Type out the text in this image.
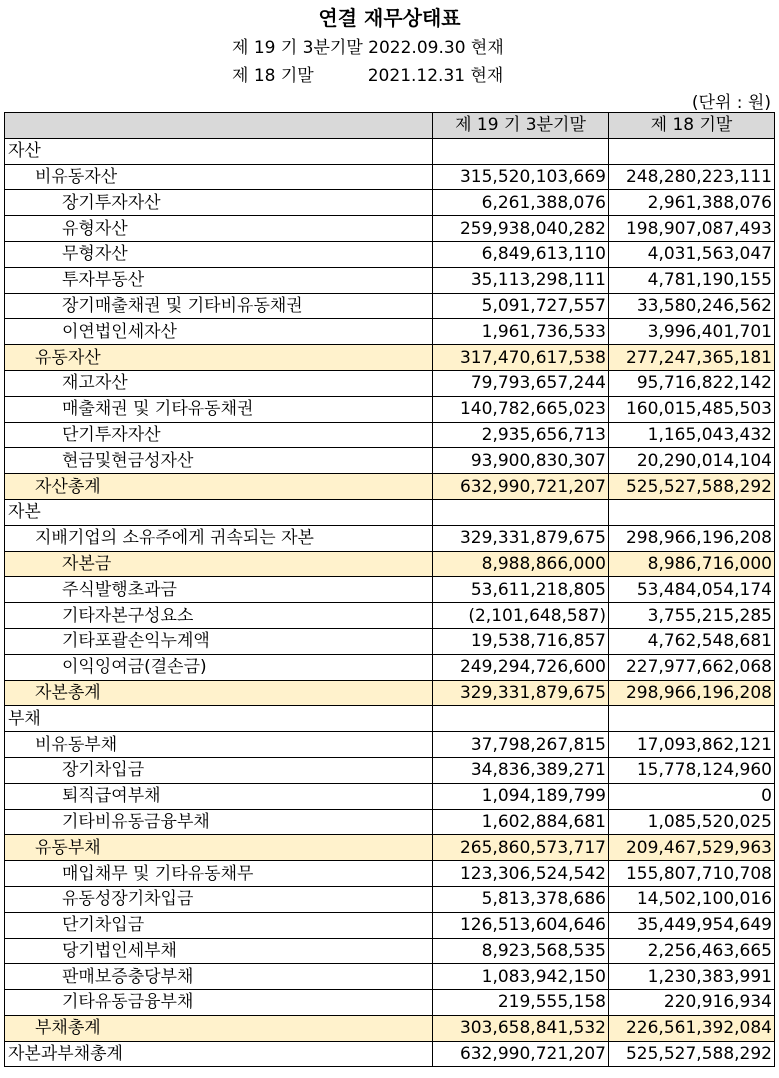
연결 재무상태표
제 19 기 3분기말 2022.09.30 현재
제 18 기말          2021.12.31 현재
(단위 : 원)
	제 19 기 3분기말	제 18 기말
자산		
비유동자산	315,520,103,669	248,280,223,111
장기투자자산	6,261,388,076	2,961,388,076
유형자산	259,938,040,282	198,907,087,493
무형자산	6,849,613,110	4,031,563,047
투자부동산	35,113,298,111	4,781,190,155
장기매출채권 및 기타비유동채권	5,091,727,557	33,580,246,562
이연법인세자산	1,961,736,533	3,996,401,701
유동자산	317,470,617,538	277,247,365,181
재고자산	79,793,657,244	95,716,822,142
매출채권 및 기타유동채권	140,782,665,023	160,015,485,503
단기투자자산	2,935,656,713	1,165,043,432
현금및현금성자산	93,900,830,307	20,290,014,104
자산총계	632,990,721,207	525,527,588,292
자본		
지배기업의 소유주에게 귀속되는 자본	329,331,879,675	298,966,196,208
자본금	8,988,866,000	8,986,716,000
주식발행초과금	53,611,218,805	53,484,054,174
기타자본구성요소	(2,101,648,587)	3,755,215,285
기타포괄손익누계액	19,538,716,857	4,762,548,681
이익잉여금(결손금)	249,294,726,600	227,977,662,068
자본총계	329,331,879,675	298,966,196,208
부채		
비유동부채	37,798,267,815	17,093,862,121
장기차입금	34,836,389,271	15,778,124,960
퇴직급여부채	1,094,189,799	0
기타비유동금융부채	1,602,884,681	1,085,520,025
유동부채	265,860,573,717	209,467,529,963
매입채무 및 기타유동채무	123,306,524,542	155,807,710,708
유동성장기차입금	5,813,378,686	14,502,100,016
단기차입금	126,513,604,646	35,449,954,649
당기법인세부채	8,923,568,535	2,256,463,665
판매보증충당부채	1,083,942,150	1,230,383,991
기타유동금융부채	219,555,158	220,916,934
부채총계	303,658,841,532	226,561,392,084
자본과부채총계	632,990,721,207	525,527,588,292
